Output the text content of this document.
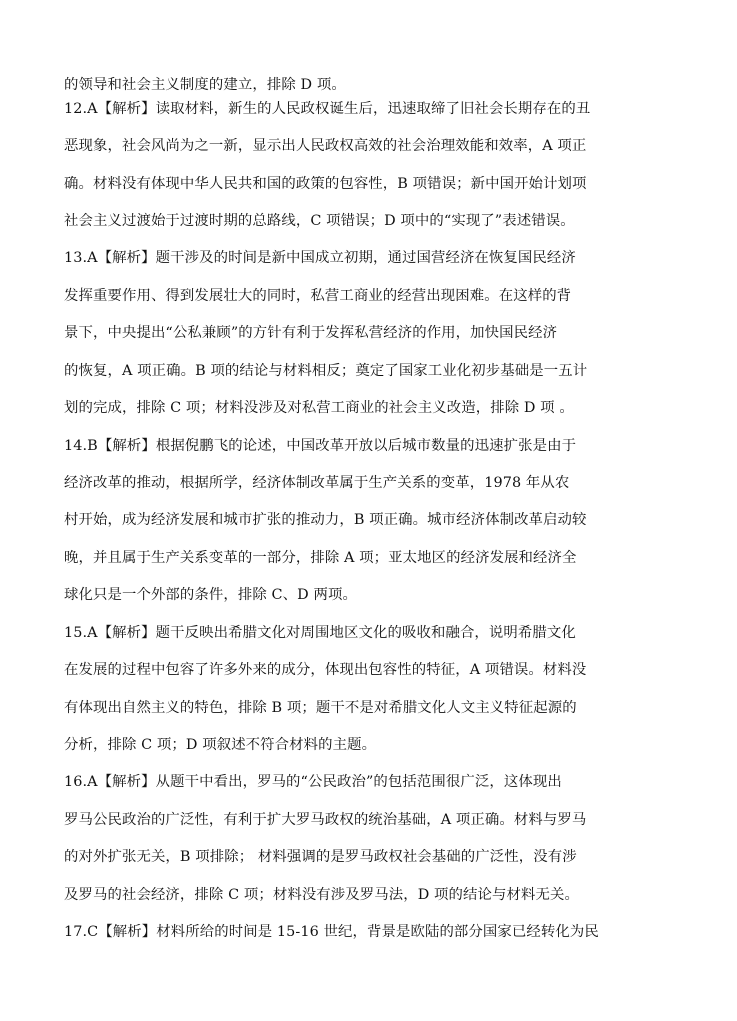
的领导和社会主义制度的建立，排除 D 项。
12.A【解析】读取材料，新生的人民政权诞生后，迅速取缔了旧社会长期存在的丑
恶现象，社会风尚为之一新，显示出人民政权高效的社会治理效能和效率，A 项正
确。材料没有体现中华人民共和国的政策的包容性，B 项错误；新中国开始计划项
社会主义过渡始于过渡时期的总路线，C 项错误；D 项中的“实现了”表述错误。
13.A【解析】题干涉及的时间是新中国成立初期，通过国营经济在恢复国民经济
发挥重要作用、得到发展壮大的同时，私营工商业的经营出现困难。在这样的背
景下，中央提出“公私兼顾”的方针有利于发挥私营经济的作用，加快国民经济
的恢复，A 项正确。B 项的结论与材料相反；奠定了国家工业化初步基础是一五计
划的完成，排除 C 项；材料没涉及对私营工商业的社会主义改造，排除 D 项 。
14.B【解析】根据倪鹏飞的论述，中国改革开放以后城市数量的迅速扩张是由于
经济改革的推动，根据所学，经济体制改革属于生产关系的变革，1978 年从农
村开始，成为经济发展和城市扩张的推动力，B 项正确。城市经济体制改革启动较
晚，并且属于生产关系变革的一部分，排除 A 项；亚太地区的经济发展和经济全
球化只是一个外部的条件，排除 C、D 两项。
15.A【解析】题干反映出希腊文化对周围地区文化的吸收和融合，说明希腊文化
在发展的过程中包容了许多外来的成分，体现出包容性的特征，A 项错误。材料没
有体现出自然主义的特色，排除 B 项；题干不是对希腊文化人文主义特征起源的
分析，排除 C 项；D 项叙述不符合材料的主题。
16.A【解析】从题干中看出，罗马的“公民政治”的包括范围很广泛，这体现出
罗马公民政治的广泛性，有利于扩大罗马政权的统治基础，A 项正确。材料与罗马
的对外扩张无关，B 项排除； 材料强调的是罗马政权社会基础的广泛性，没有涉
及罗马的社会经济，排除 C 项；材料没有涉及罗马法，D 项的结论与材料无关。
17.C【解析】材料所给的时间是 15-16 世纪，背景是欧陆的部分国家已经转化为民
